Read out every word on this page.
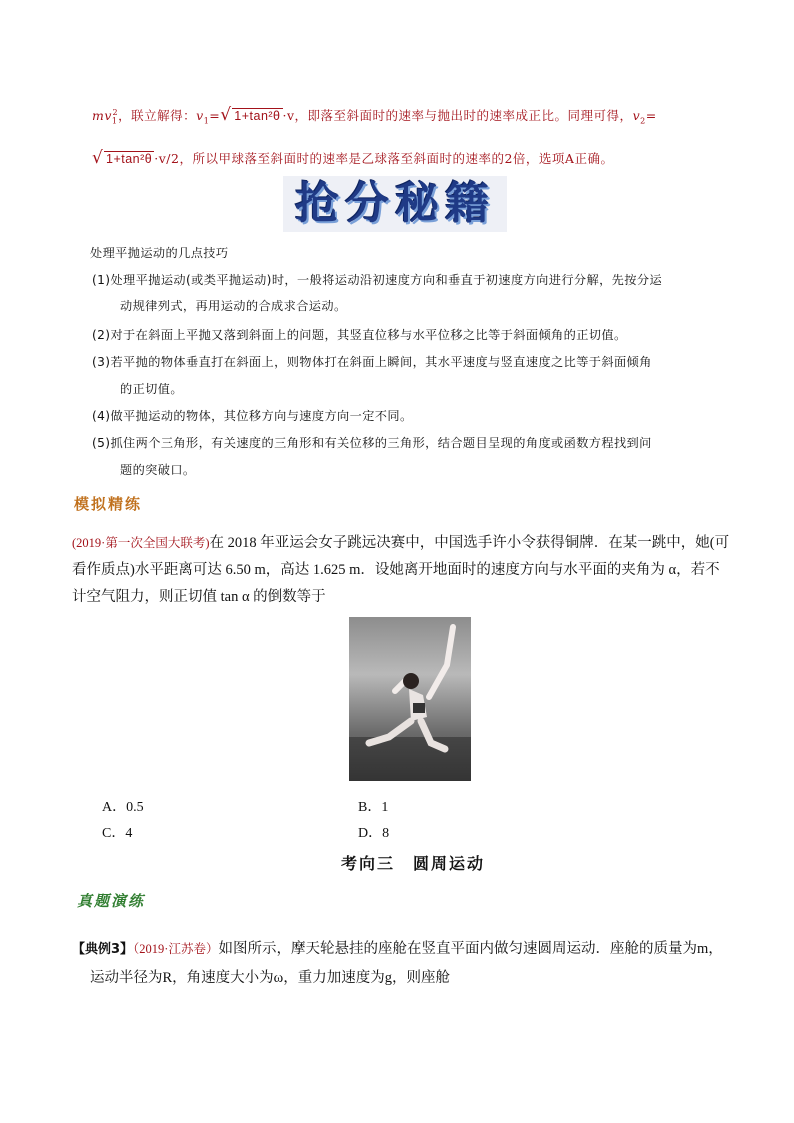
$mv_1^2$，联立解得：$v_1=√$ 1+tan²θ ·v，即落至斜面时的速率与抛出时的速率成正比。同理可得，$v_2=$
√ 1+tan²θ ·v/2，所以甲球落至斜面时的速率是乙球落至斜面时的速率的2倍，选项A正确。
抢分秘籍
处理平抛运动的几点技巧
(1)处理平抛运动(或类平抛运动)时，一般将运动沿初速度方向和垂直于初速度方向进行分解，先按分运
动规律列式，再用运动的合成求合运动。
(2)对于在斜面上平抛又落到斜面上的问题，其竖直位移与水平位移之比等于斜面倾角的正切值。
(3)若平抛的物体垂直打在斜面上，则物体打在斜面上瞬间，其水平速度与竖直速度之比等于斜面倾角
的正切值。
(4)做平抛运动的物体，其位移方向与速度方向一定不同。
(5)抓住两个三角形，有关速度的三角形和有关位移的三角形，结合题目呈现的角度或函数方程找到问
题的突破口。
模拟精练
(2019·第一次全国大联考)在 2018 年亚运会女子跳远决赛中，中国选手许小令获得铜牌．在某一跳中，她(可
看作质点)水平距离可达 6.50 m，高达 1.625 m．设她离开地面时的速度方向与水平面的夹角为 α，若不
计空气阻力，则正切值 tan α 的倒数等于
A．0.5	B．1
C．4	D．8
考向三　圆周运动
真题演练
【典例3】（2019·江苏卷）如图所示，摩天轮悬挂的座舱在竖直平面内做匀速圆周运动．座舱的质量为m，
运动半径为R，角速度大小为ω，重力加速度为g，则座舱
